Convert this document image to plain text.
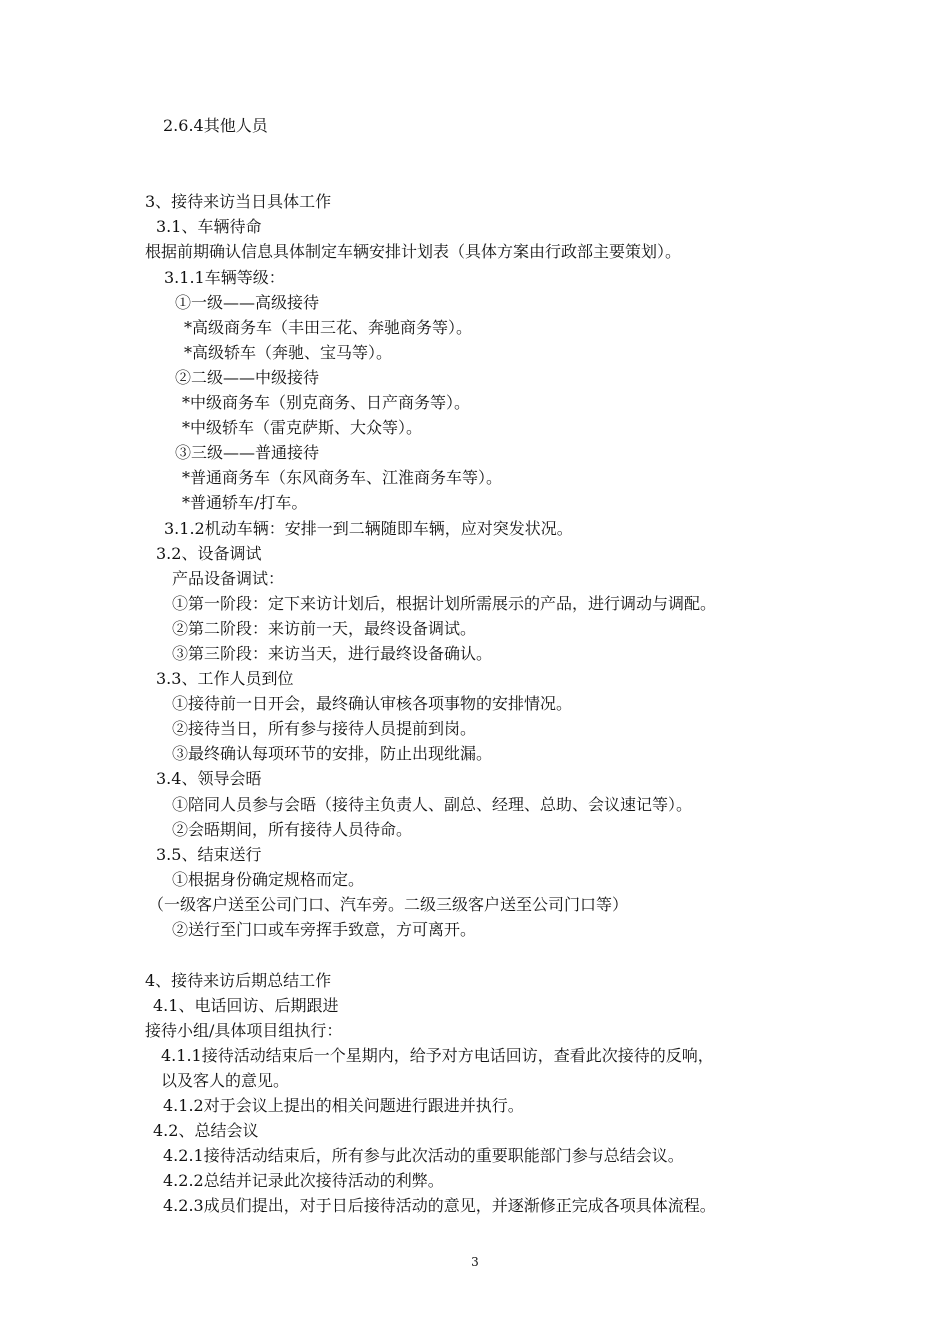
2.6.4其他人员
3、接待来访当日具体工作
3.1、车辆待命
根据前期确认信息具体制定车辆安排计划表（具体方案由行政部主要策划）。
3.1.1车辆等级：
①一级——高级接待
*高级商务车（丰田三花、奔驰商务等）。
*高级轿车（奔驰、宝马等）。
②二级——中级接待
*中级商务车（别克商务、日产商务等）。
*中级轿车（雷克萨斯、大众等）。
③三级——普通接待
*普通商务车（东风商务车、江淮商务车等）。
*普通轿车/打车。
3.1.2机动车辆：安排一到二辆随即车辆，应对突发状况。
3.2、设备调试
产品设备调试：
①第一阶段：定下来访计划后，根据计划所需展示的产品，进行调动与调配。
②第二阶段：来访前一天，最终设备调试。
③第三阶段：来访当天，进行最终设备确认。
3.3、工作人员到位
①接待前一日开会，最终确认审核各项事物的安排情况。
②接待当日，所有参与接待人员提前到岗。
③最终确认每项环节的安排，防止出现纰漏。
3.4、领导会晤
①陪同人员参与会晤（接待主负责人、副总、经理、总助、会议速记等）。
②会晤期间，所有接待人员待命。
3.5、结束送行
①根据身份确定规格而定。
（一级客户送至公司门口、汽车旁。二级三级客户送至公司门口等）
②送行至门口或车旁挥手致意，方可离开。
4、接待来访后期总结工作
4.1、电话回访、后期跟进
接待小组/具体项目组执行：
4.1.1接待活动结束后一个星期内，给予对方电话回访，查看此次接待的反响，
以及客人的意见。
4.1.2对于会议上提出的相关问题进行跟进并执行。
4.2、总结会议
4.2.1接待活动结束后，所有参与此次活动的重要职能部门参与总结会议。
4.2.2总结并记录此次接待活动的利弊。
4.2.3成员们提出，对于日后接待活动的意见，并逐渐修正完成各项具体流程。
3
